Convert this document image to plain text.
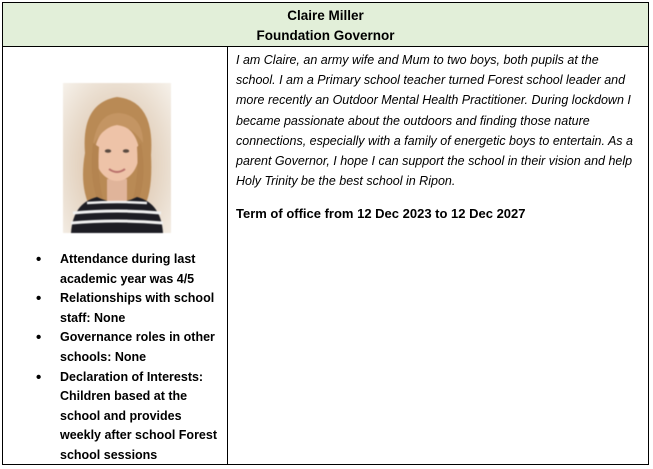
Claire Miller
Foundation Governor
• Attendance during last academic year was 4/5
• Relationships with school staff: None
• Governance roles in other schools: None
• Declaration of Interests: Children based at the school and provides weekly after school Forest school sessions

I am Claire, an army wife and Mum to two boys, both pupils at the school. I am a Primary school teacher turned Forest school leader and more recently an Outdoor Mental Health Practitioner. During lockdown I became passionate about the outdoors and finding those nature connections, especially with a family of energetic boys to entertain. As a parent Governor, I hope I can support the school in their vision and help Holy Trinity be the best school in Ripon.

Term of office from 12 Dec 2023 to 12 Dec 2027
